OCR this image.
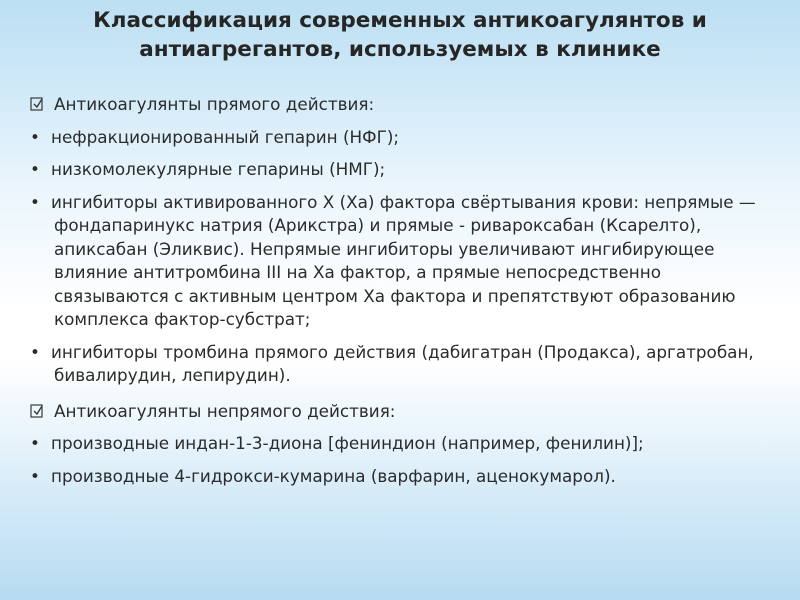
Классификация современных антикоагулянтов и антиагрегантов, используемых в клинике
Антикоагулянты прямого действия:
• нефракционированный гепарин (НФГ);
• низкомолекулярные гепарины (НМГ);
• ингибиторы активированного X (Xa) фактора свёртывания крови: непрямые — фондапаринукс натрия (Арикстра) и прямые - ривароксабан (Ксарелто), апиксабан (Эликвис). Непрямые ингибиторы увеличивают ингибирующее влияние антитромбина III на Xa фактор, а прямые непосредственно связываются с активным центром Xa фактора и препятствуют образованию комплекса фактор-субстрат;
• ингибиторы тромбина прямого действия (дабигатран (Продакса), аргатробан, бивалирудин, лепирудин).
Антикоагулянты непрямого действия:
• производные индан-1-3-диона [фениндион (например, фенилин)];
• производные 4-гидрокси-кумарина (варфарин, аценокумарол).
